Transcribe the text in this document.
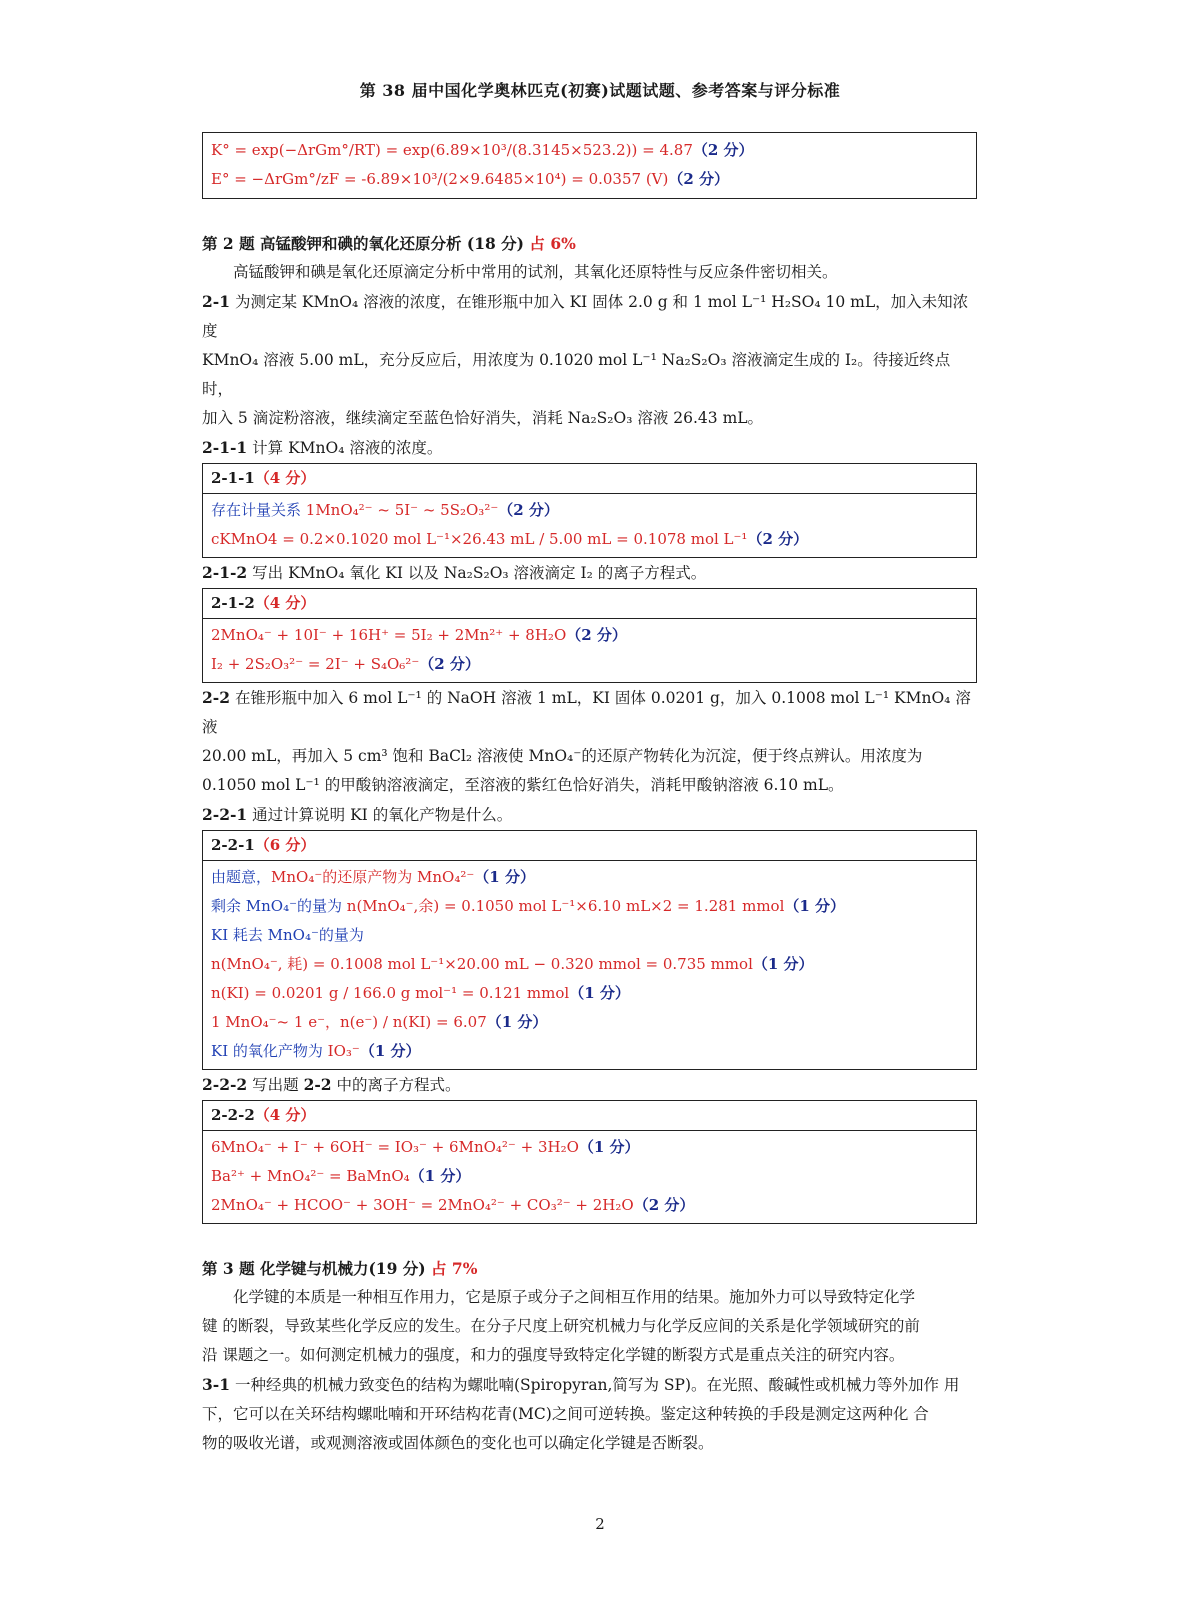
第 38 届中国化学奥林匹克(初赛)试题试题、参考答案与评分标准
K° = exp(−ΔrGm°/RT) = exp(6.89×10³/(8.3145×523.2)) = 4.87（2 分）
E° = −ΔrGm°/zF = -6.89×10³/(2×9.6485×10⁴) = 0.0357 (V)（2 分）
第 2 题 高锰酸钾和碘的氧化还原分析 (18 分) 占 6%
高锰酸钾和碘是氧化还原滴定分析中常用的试剂，其氧化还原特性与反应条件密切相关。
2-1 为测定某 KMnO₄ 溶液的浓度，在锥形瓶中加入 KI 固体 2.0 g 和 1 mol L⁻¹ H₂SO₄ 10 mL，加入未知浓度
KMnO₄ 溶液 5.00 mL，充分反应后，用浓度为 0.1020 mol L⁻¹ Na₂S₂O₃ 溶液滴定生成的 I₂。待接近终点时，
加入 5 滴淀粉溶液，继续滴定至蓝色恰好消失，消耗 Na₂S₂O₃ 溶液 26.43 mL。
2-1-1 计算 KMnO₄ 溶液的浓度。
2-1-1（4 分）
存在计量关系 1MnO₄²⁻ ~ 5I⁻ ~ 5S₂O₃²⁻（2 分）
cKMnO4 = 0.2×0.1020 mol L⁻¹×26.43 mL / 5.00 mL = 0.1078 mol L⁻¹（2 分）
2-1-2 写出 KMnO₄ 氧化 KI 以及 Na₂S₂O₃ 溶液滴定 I₂ 的离子方程式。
2-1-2（4 分）
2MnO₄⁻ + 10I⁻ + 16H⁺ = 5I₂ + 2Mn²⁺ + 8H₂O（2 分）
I₂ + 2S₂O₃²⁻ = 2I⁻ + S₄O₆²⁻（2 分）
2-2 在锥形瓶中加入 6 mol L⁻¹ 的 NaOH 溶液 1 mL，KI 固体 0.0201 g，加入 0.1008 mol L⁻¹ KMnO₄ 溶液
20.00 mL，再加入 5 cm³ 饱和 BaCl₂ 溶液使 MnO₄⁻的还原产物转化为沉淀，便于终点辨认。用浓度为
0.1050 mol L⁻¹ 的甲酸钠溶液滴定，至溶液的紫红色恰好消失，消耗甲酸钠溶液 6.10 mL。
2-2-1 通过计算说明 KI 的氧化产物是什么。
2-2-1（6 分）
由题意，MnO₄⁻的还原产物为 MnO₄²⁻（1 分）
剩余 MnO₄⁻的量为 n(MnO₄⁻,余) = 0.1050 mol L⁻¹×6.10 mL×2 = 1.281 mmol（1 分）
KI 耗去 MnO₄⁻的量为
n(MnO₄⁻, 耗) = 0.1008 mol L⁻¹×20.00 mL − 0.320 mmol = 0.735 mmol（1 分）
n(KI) = 0.0201 g / 166.0 g mol⁻¹ = 0.121 mmol（1 分）
1 MnO₄⁻~ 1 e⁻，n(e⁻) / n(KI) = 6.07（1 分）
KI 的氧化产物为 IO₃⁻（1 分）
2-2-2 写出题 2-2 中的离子方程式。
2-2-2（4 分）
6MnO₄⁻ + I⁻ + 6OH⁻ = IO₃⁻ + 6MnO₄²⁻ + 3H₂O（1 分）
Ba²⁺ + MnO₄²⁻ = BaMnO₄（1 分）
2MnO₄⁻ + HCOO⁻ + 3OH⁻ = 2MnO₄²⁻ + CO₃²⁻ + 2H₂O（2 分）
第 3 题 化学键与机械力(19 分) 占 7%
化学键的本质是一种相互作用力，它是原子或分子之间相互作用的结果。施加外力可以导致特定化学
键 的断裂，导致某些化学反应的发生。在分子尺度上研究机械力与化学反应间的关系是化学领域研究的前
沿 课题之一。如何测定机械力的强度，和力的强度导致特定化学键的断裂方式是重点关注的研究内容。
3-1 一种经典的机械力致变色的结构为螺吡喃(Spiropyran,简写为 SP)。在光照、酸碱性或机械力等外加作 用
下，它可以在关环结构螺吡喃和开环结构花青(MC)之间可逆转换。鉴定这种转换的手段是测定这两种化 合
物的吸收光谱，或观测溶液或固体颜色的变化也可以确定化学键是否断裂。
2
